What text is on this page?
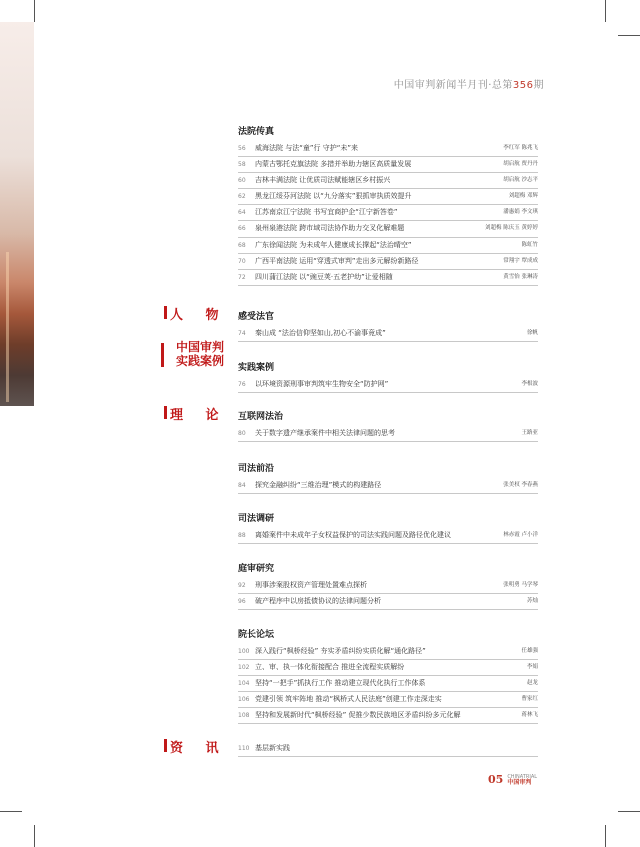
中国审判新闻半月刊·总第356期
人 物
中国审判
实践案例
理 论
资 讯
法院传真
56 威海法院 与法“童”行 守护“未”来	李红军 陈兆飞
58 内蒙古鄂托克旗法院 多措并举助力辖区高质量发展	胡启航 贾丹丹
60 吉林丰满法院 让优质司法赋能辖区乡村振兴	胡启航 沙志平
62 黑龙江绥芬河法院 以“九分落实”狠抓审执质效提升	刘超梅 邓辉
64 江苏南京江宁法院 书写宜商护企“江宁新答卷”	潘惠娟 李文琪
66 泉州泉港法院 跨市域司法协作助力交叉化解难题	刘超梅 陈庆玉 黄婷婷
68 广东徐闻法院 为未成年人健康成长撑起“法治晴空”	陈虹竹
70 广西平南法院 运用“穿透式审判”走出多元解纷新路径	常翔宇 覃成成
72 四川蒲江法院 以“豌豆荚·五老护幼”让爱相随	黄雪怡 张琳涛
感受法官
74 秦山成 “法治信仰坚如山,初心不渝事竟成”	徐帆
实践案例
76 以环境资源刑事审判筑牢生物安全“防护网”	李根波
互联网法治
80 关于数字遗产继承案件中相关法律问题的思考	王路亚
司法前沿
84 探究金融纠纷“三维治理”模式的构建路径	张美权 李春燕
司法调研
88 离婚案件中未成年子女权益保护的司法实践问题及路径优化建议	林赤霞 卢小洋
庭审研究
92 刑事涉案股权资产管理处置难点探析	张明勇 马学琴
96 破产程序中以房抵债协议的法律问题分析	苏灿
院长论坛
100 深入践行“枫桥经验” 夯实矛盾纠纷实质化解“通化路径”	任雄强
102 立、审、执一体化衔接配合 推进全流程实质解纷	李娟
104 坚持“一把手”抓执行工作 推动建立现代化执行工作体系	赵龙
106 党建引领 筑牢阵地 推动“枫桥式人民法庭”创建工作走深走实	曹家红
108 坚持和发展新时代“枫桥经验” 促推少数民族地区矛盾纠纷多元化解	蒋林飞
110 基层新实践
05 CHINATRIAL
中国审判
